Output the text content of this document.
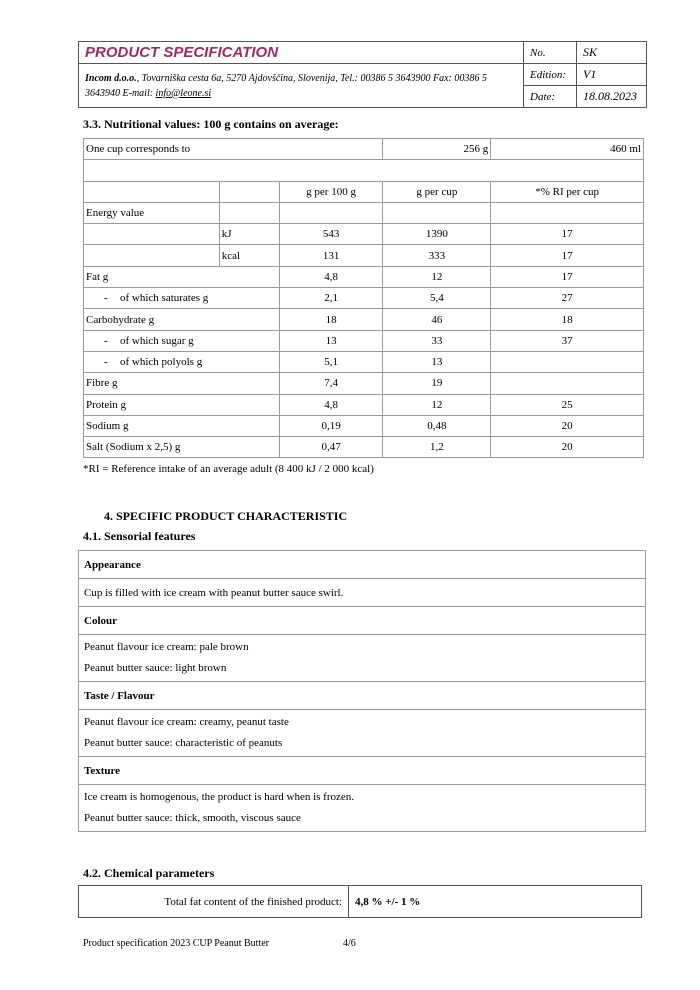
PRODUCT SPECIFICATION	No.	SK
Incom d.o.o., Tovarniška cesta 6a, 5270 Ajdovščina, Slovenija, Tel.: 00386 5 3643900 Fax: 00386 5 3643940 E-mail: info@leone.si	Edition:	V1
	Date:	18.08.2023
3.3. Nutritional values: 100 g contains on average:
One cup corresponds to			256 g	460 ml

		g per 100 g	g per cup	*% RI per cup
Energy value				
	kJ	543	1390	17
	kcal	131	333	17
Fat g		4,8	12	17
- of which saturates g		2,1	5,4	27
Carbohydrate g		18	46	18
- of which sugar g		13	33	37
- of which polyols g		5,1	13	
Fibre g		7,4	19	
Protein g		4,8	12	25
Sodium g		0,19	0,48	20
Salt (Sodium x 2,5) g		0,47	1,2	20
*RI = Reference intake of an average adult (8 400 kJ / 2 000 kcal)
4. SPECIFIC PRODUCT CHARACTERISTIC
4.1. Sensorial features
Appearance
Cup is filled with ice cream with peanut butter sauce swirl.
Colour

Peanut flavour ice cream: pale brown
Peanut butter sauce: light brown

Taste / Flavour

Peanut flavour ice cream: creamy, peanut taste
Peanut butter sauce: characteristic of peanuts

Texture

Ice cream is homogenous, the product is hard when is frozen.
Peanut butter sauce: thick, smooth, viscous sauce
4.2. Chemical parameters
Total fat content of the finished product:	4,8 % +/- 1 %
Product specification 2023 CUP Peanut Butter	4/6
